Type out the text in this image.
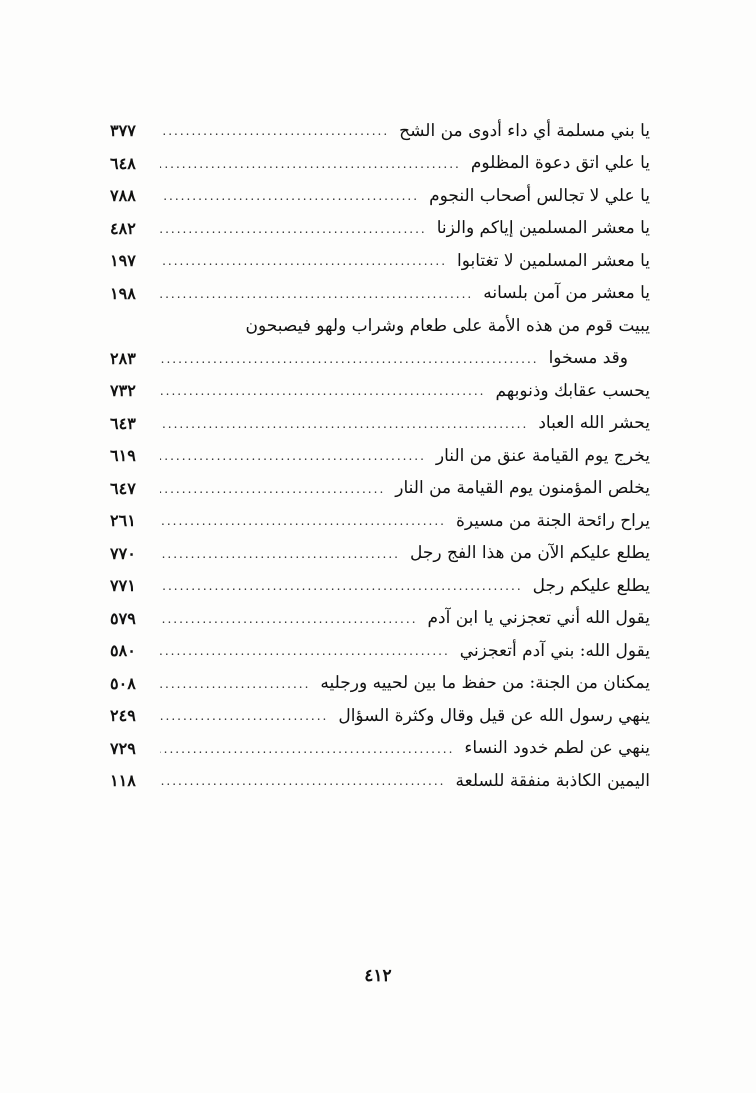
يا بني مسلمة أي داء أدوى من الشح
.....
٣٧٧
يا علي اتق دعوة المظلوم
.....
٦٤٨
يا علي لا تجالس أصحاب النجوم
.....
٧٨٨
يا معشر المسلمين إياكم والزنا
.....
٤٨٢
يا معشر المسلمين لا تغتابوا
.....
١٩٧
يا معشر من آمن بلسانه
.....
١٩٨
يبيت قوم من هذه الأمة على طعام وشراب ولهو فيصبحون
وقد مسخوا
.....
٢٨٣
يحسب عقابك وذنوبهم
.....
٧٣٢
يحشر الله العباد
.....
٦٤٣
يخرج يوم القيامة عنق من النار
.....
٦١٩
يخلص المؤمنون يوم القيامة من النار
.....
٦٤٧
يراح رائحة الجنة من مسيرة
.....
٢٦١
يطلع عليكم الآن من هذا الفج رجل
.....
٧٧٠
يطلع عليكم رجل
.....
٧٧١
يقول الله أني تعجزني يا ابن آدم
.....
٥٧٩
يقول الله: بني آدم أتعجزني
.....
٥٨٠
يمكنان من الجنة: من حفظ ما بين لحييه ورجليه
.....
٥٠٨
ينهي رسول الله عن قيل وقال وكثرة السؤال
.....
٢٤٩
ينهي عن لطم خدود النساء
.....
٧٢٩
اليمين الكاذبة منفقة للسلعة
.....
١١٨
٤١٢
